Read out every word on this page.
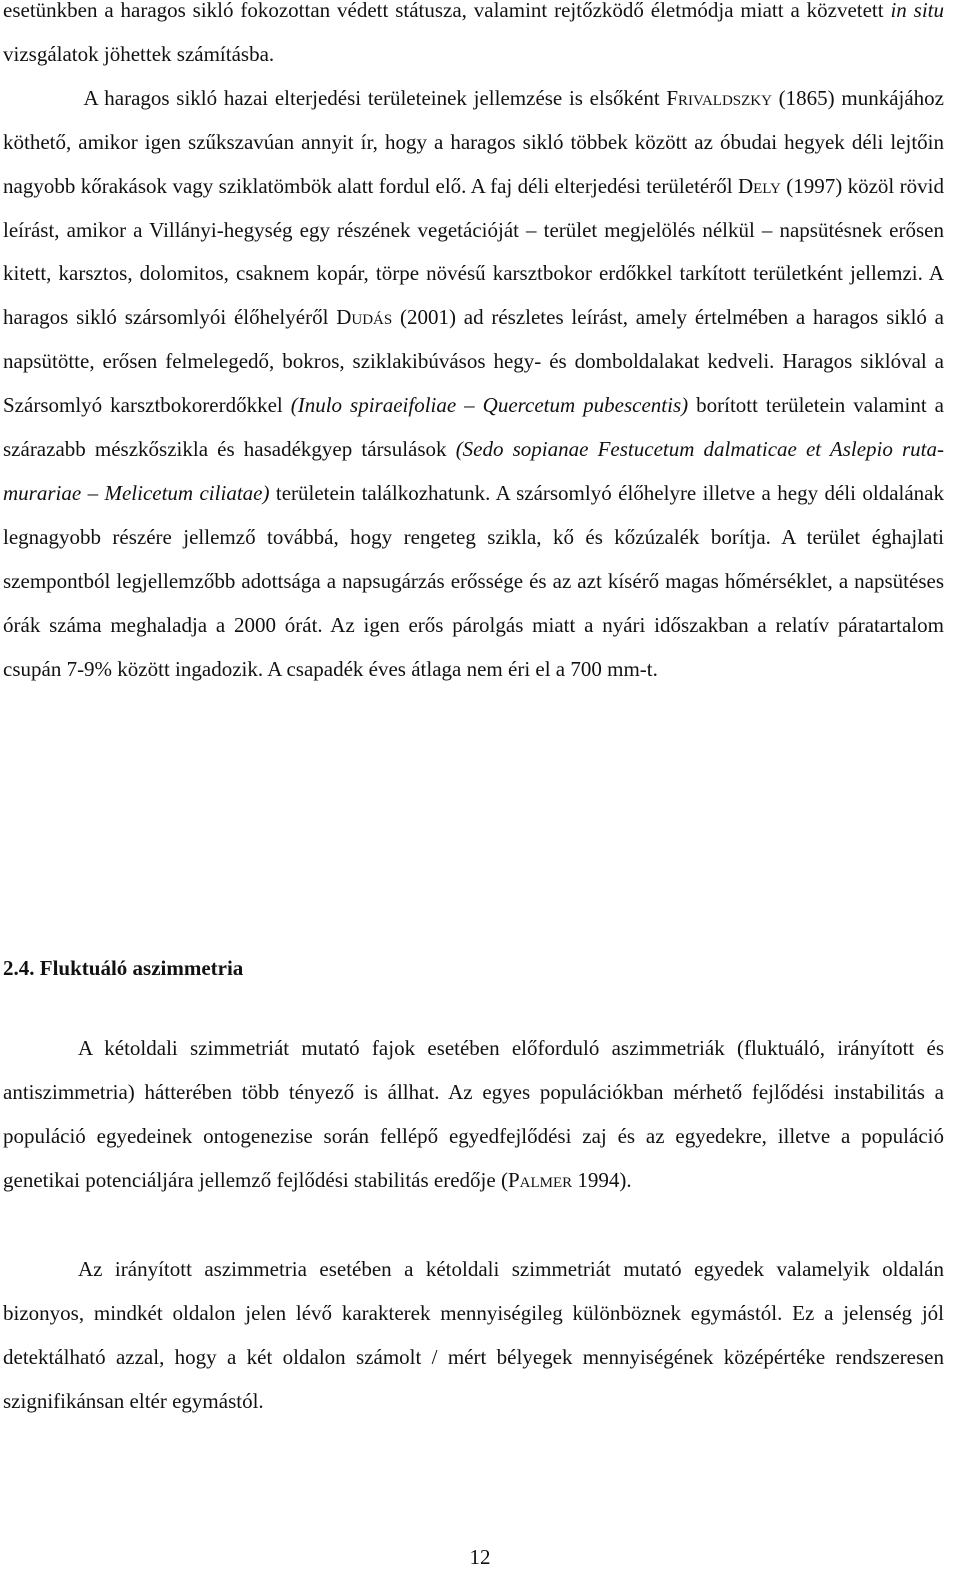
esetünkben a haragos sikló fokozottan védett státusza, valamint rejtőzködő életmódja miatt a közvetett in situ vizsgálatok jöhettek számításba.
A haragos sikló hazai elterjedési területeinek jellemzése is elsőként Frivaldszky (1865) munkájához köthető, amikor igen szűkszavúan annyit ír, hogy a haragos sikló többek között az óbudai hegyek déli lejtőin nagyobb kőrakások vagy sziklatömbök alatt fordul elő. A faj déli elterjedési területéről Dely (1997) közöl rövid leírást, amikor a Villányi-hegység egy részének vegetációját – terület megjelölés nélkül – napsütésnek erősen kitett, karsztos, dolomitos, csaknem kopár, törpe növésű karsztbokor erdőkkel tarkított területként jellemzi. A haragos sikló szársomlyói élőhelyéről Dudás (2001) ad részletes leírást, amely értelmében a haragos sikló a napsütötte, erősen felmelegedő, bokros, sziklakibúvásos hegy- és domboldalakat kedveli. Haragos siklóval a Szársomlyó karsztbokorerdőkkel (Inulo spiraeifoliae – Quercetum pubescentis) borított területein valamint a szárazabb mészkősziklа és hasadékgyep társulások (Sedo sopianae Festucetum dalmaticae et Aslepio ruta-murariae – Melicetum ciliatae) területein találkozhatunk. A szársomlyó élőhelyre illetve a hegy déli oldalának legnagyobb részére jellemző továbbá, hogy rengeteg szikla, kő és kőzúzalék borítja. A terület éghajlati szempontból legjellemzőbb adottsága a napsugárzás erőssége és az azt kísérő magas hőmérséklet, a napsütéses órák száma meghaladja a 2000 órát. Az igen erős párolgás miatt a nyári időszakban a relatív páratartalom csupán 7-9% között ingadozik. A csapadék éves átlaga nem éri el a 700 mm-t.

2.4. Fluktuáló aszimmetria

A kétoldali szimmetriát mutató fajok esetében előforduló aszimmetriák (fluktuáló, irányított és antiszimmetria) hátterében több tényező is állhat. Az egyes populációkban mérhető fejlődési instabilitás a populáció egyedeinek ontogenezise során fellépő egyedfejlődési zaj és az egyedekre, illetve a populáció genetikai potenciáljára jellemző fejlődési stabilitás eredője (Palmer 1994).

Az irányított aszimmetria esetében a kétoldali szimmetriát mutató egyedek valamelyik oldalán bizonyos, mindkét oldalon jelen lévő karakterek mennyiségileg különböznek egymástól. Ez a jelenség jól detektálható azzal, hogy a két oldalon számolt / mért bélyegek mennyiségének középértéke rendszeresen szignifikánsan eltér egymástól.

12
